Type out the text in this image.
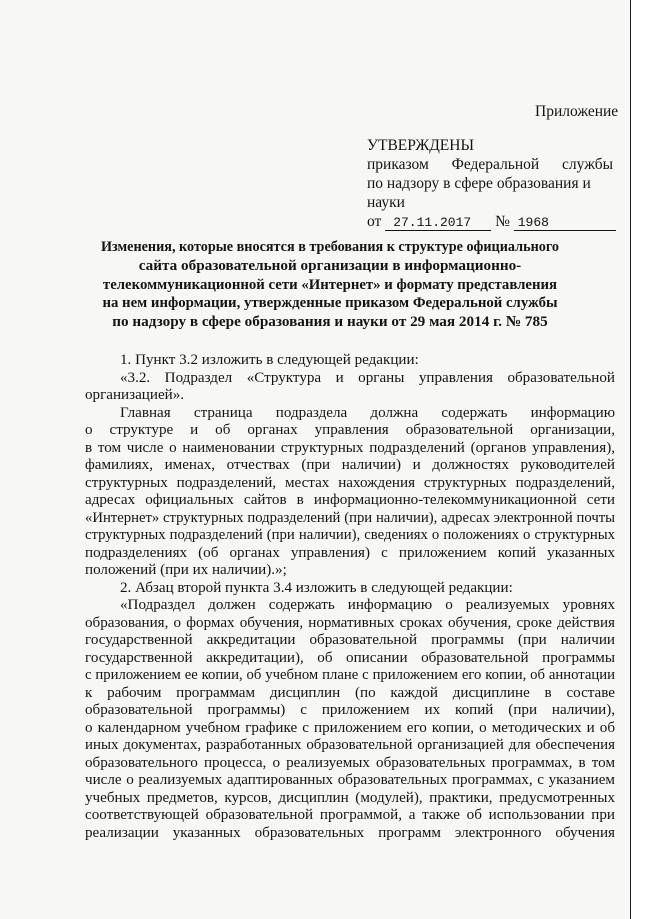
Приложение
УТВЕРЖДЕНЫ
приказом Федеральной службы
по надзору в сфере образования и науки
от 27.11.2017 № 1968
Изменения, которые вносятся в требования к структуре официального
сайта образовательной организации в информационно-
телекоммуникационной сети «Интернет» и формату представления
на нем информации, утвержденные приказом Федеральной службы
по надзору в сфере образования и науки от 29 мая 2014 г. № 785
1. Пункт 3.2 изложить в следующей редакции:
«3.2. Подраздел «Структура и органы управления образовательной
организацией».
Главная страница подраздела должна содержать информацию
о структуре и об органах управления образовательной организации,
в том числе о наименовании структурных подразделений (органов управления),
фамилиях, именах, отчествах (при наличии) и должностях руководителей
структурных подразделений, местах нахождения структурных подразделений,
адресах официальных сайтов в информационно-телекоммуникационной сети
«Интернет» структурных подразделений (при наличии), адресах электронной почты
структурных подразделений (при наличии), сведениях о положениях о структурных
подразделениях (об органах управления) с приложением копий указанных
положений (при их наличии).»;
2. Абзац второй пункта 3.4 изложить в следующей редакции:
«Подраздел должен содержать информацию о реализуемых уровнях
образования, о формах обучения, нормативных сроках обучения, сроке действия
государственной аккредитации образовательной программы (при наличии
государственной аккредитации), об описании образовательной программы
с приложением ее копии, об учебном плане с приложением его копии, об аннотации
к рабочим программам дисциплин (по каждой дисциплине в составе
образовательной программы) с приложением их копий (при наличии),
о календарном учебном графике с приложением его копии, о методических и об
иных документах, разработанных образовательной организацией для обеспечения
образовательного процесса, о реализуемых образовательных программах, в том
числе о реализуемых адаптированных образовательных программах, с указанием
учебных предметов, курсов, дисциплин (модулей), практики, предусмотренных
соответствующей образовательной программой, а также об использовании при
реализации указанных образовательных программ электронного обучения
